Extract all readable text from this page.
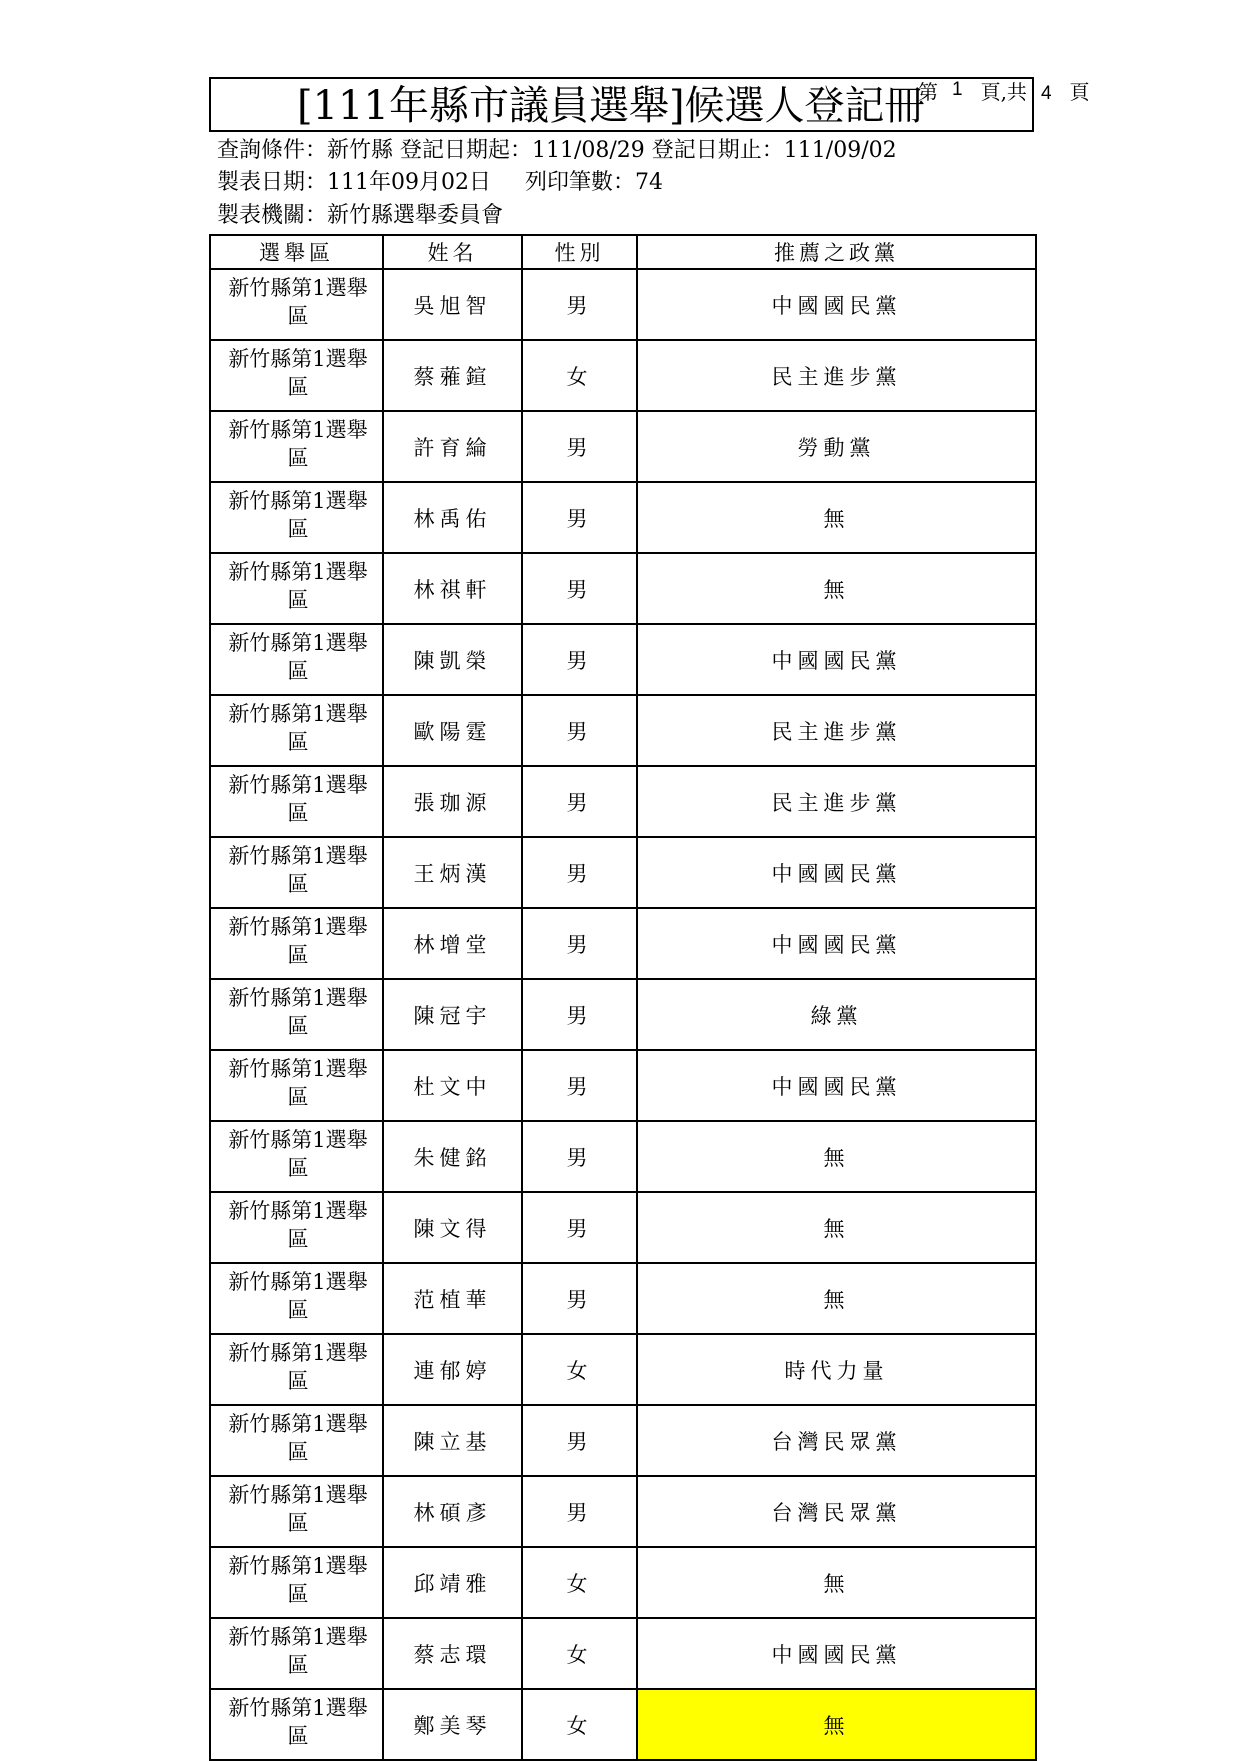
[111年縣市議員選舉]候選人登記冊
第 1 頁,共 4 頁
查詢條件：新竹縣 登記日期起：111/08/29 登記日期止：111/09/02
製表日期：111年09月02日 列印筆數：74
製表機關：新竹縣選舉委員會
選舉區	姓名	性別	推薦之政黨
新竹縣第1選舉區	吳旭智	男	中國國民黨
新竹縣第1選舉區	蔡蕥鍹	女	民主進步黨
新竹縣第1選舉區	許育綸	男	勞動黨
新竹縣第1選舉區	林禹佑	男	無
新竹縣第1選舉區	林祺軒	男	無
新竹縣第1選舉區	陳凱榮	男	中國國民黨
新竹縣第1選舉區	歐陽霆	男	民主進步黨
新竹縣第1選舉區	張珈源	男	民主進步黨
新竹縣第1選舉區	王炳漢	男	中國國民黨
新竹縣第1選舉區	林增堂	男	中國國民黨
新竹縣第1選舉區	陳冠宇	男	綠黨
新竹縣第1選舉區	杜文中	男	中國國民黨
新竹縣第1選舉區	朱健銘	男	無
新竹縣第1選舉區	陳文得	男	無
新竹縣第1選舉區	范植華	男	無
新竹縣第1選舉區	連郁婷	女	時代力量
新竹縣第1選舉區	陳立基	男	台灣民眾黨
新竹縣第1選舉區	林碩彥	男	台灣民眾黨
新竹縣第1選舉區	邱靖雅	女	無
新竹縣第1選舉區	蔡志環	女	中國國民黨
新竹縣第1選舉區	鄭美琴	女	無
